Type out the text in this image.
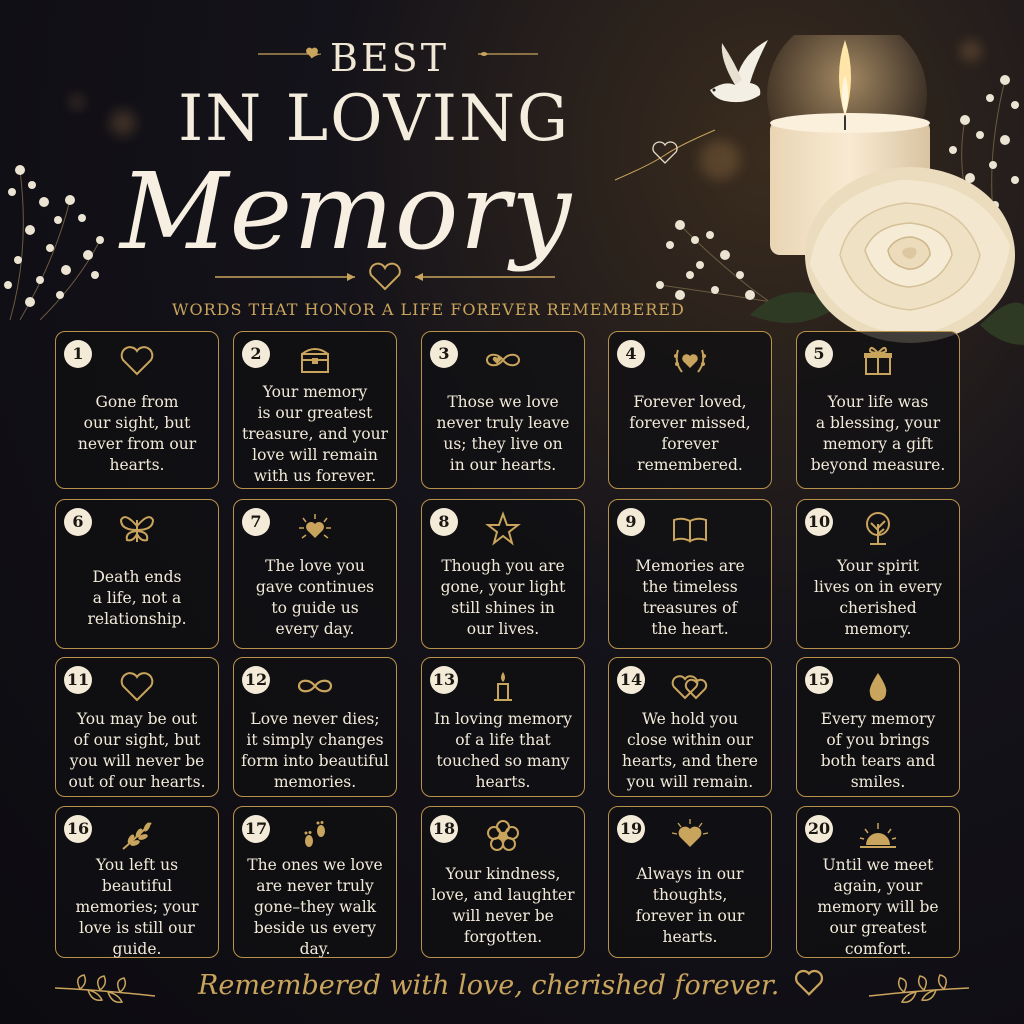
BEST
IN LOVING
Memory
WORDS THAT HONOR A LIFE FOREVER REMEMBERED
1
Gone from
our sight, but
never from our
hearts.
2
Your memory
is our greatest
treasure, and your
love will remain
with us forever.
3
Those we love
never truly leave
us; they live on
in our hearts.
4
Forever loved,
forever missed,
forever
remembered.
5
Your life was
a blessing, your
memory a gift
beyond measure.
6
Death ends
a life, not a
relationship.
7
The love you
gave continues
to guide us
every day.
8
Though you are
gone, your light
still shines in
our lives.
9
Memories are
the timeless
treasures of
the heart.
10
Your spirit
lives on in every
cherished
memory.
11
You may be out
of our sight, but
you will never be
out of our hearts.
12
Love never dies;
it simply changes
form into beautiful
memories.
13
In loving memory
of a life that
touched so many
hearts.
14
We hold you
close within our
hearts, and there
you will remain.
15
Every memory
of you brings
both tears and
smiles.
16
You left us
beautiful
memories; your
love is still our
guide.
17
The ones we love
are never truly
gone–they walk
beside us every
day.
18
Your kindness,
love, and laughter
will never be
forgotten.
19
Always in our
thoughts,
forever in our
hearts.
20
Until we meet
again, your
memory will be
our greatest
comfort.
Remembered with love, cherished forever.
